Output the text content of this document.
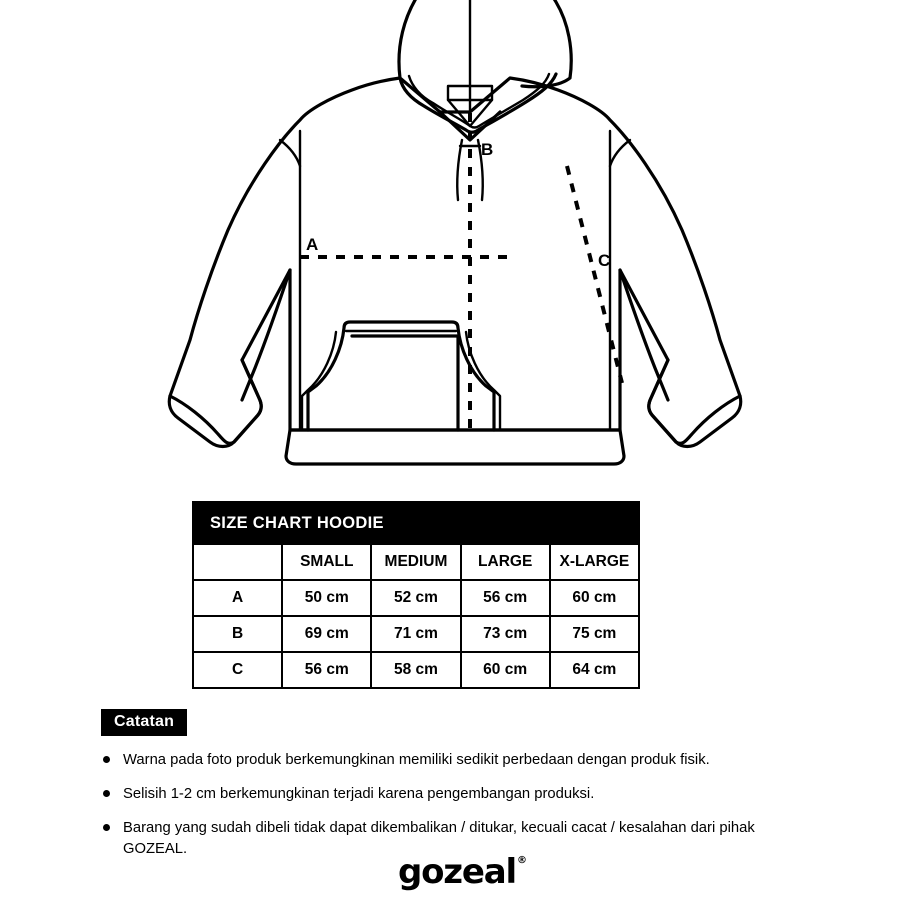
A
B
C
SIZE CHART HOODIE				
	SMALL	MEDIUM	LARGE	X-LARGE
A	50 cm	52 cm	56 cm	60 cm
B	69 cm	71 cm	73 cm	75 cm
C	56 cm	58 cm	60 cm	64 cm
Catatan
Warna pada foto produk berkemungkinan memiliki sedikit perbedaan dengan produk fisik.
Selisih 1-2 cm berkemungkinan terjadi karena pengembangan produksi.
Barang yang sudah dibeli tidak dapat dikembalikan / ditukar, kecuali cacat / kesalahan dari pihak GOZEAL.
gozeal®
